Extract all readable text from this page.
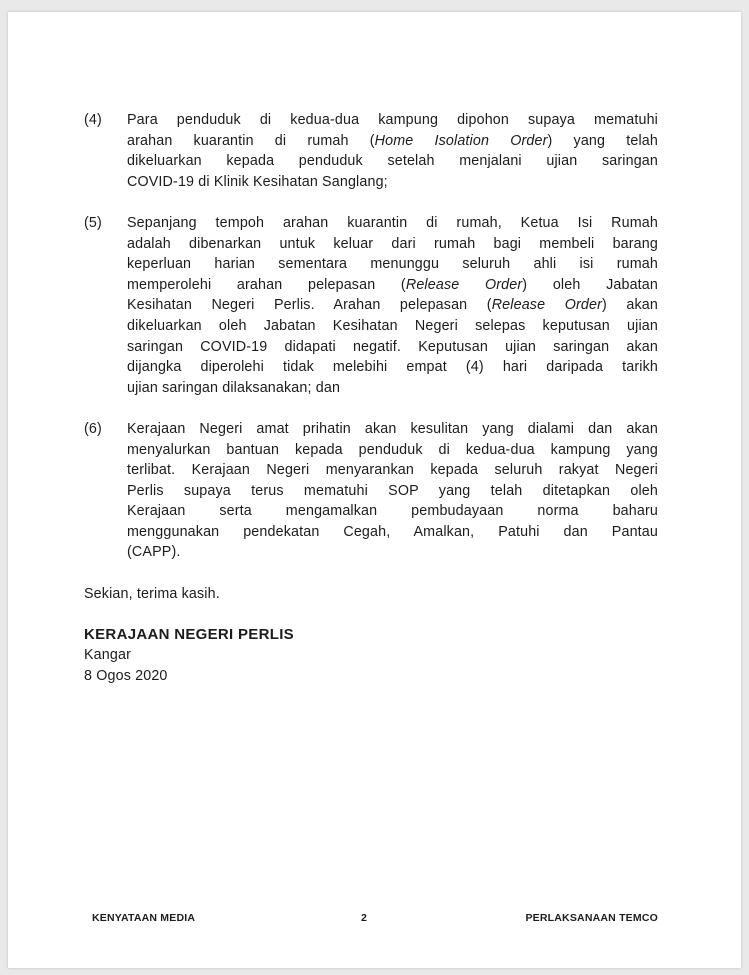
(4) Para penduduk di kedua-dua kampung dipohon supaya mematuhi
arahan kuarantin di rumah (Home Isolation Order) yang telah
dikeluarkan kepada penduduk setelah menjalani ujian saringan
COVID-19 di Klinik Kesihatan Sanglang;
(5) Sepanjang tempoh arahan kuarantin di rumah, Ketua Isi Rumah
adalah dibenarkan untuk keluar dari rumah bagi membeli barang
keperluan harian sementara menunggu seluruh ahli isi rumah
memperolehi arahan pelepasan (Release Order) oleh Jabatan
Kesihatan Negeri Perlis. Arahan pelepasan (Release Order) akan
dikeluarkan oleh Jabatan Kesihatan Negeri selepas keputusan ujian
saringan COVID-19 didapati negatif. Keputusan ujian saringan akan
dijangka diperolehi tidak melebihi empat (4) hari daripada tarikh
ujian saringan dilaksanakan; dan
(6) Kerajaan Negeri amat prihatin akan kesulitan yang dialami dan akan
menyalurkan bantuan kepada penduduk di kedua-dua kampung yang
terlibat. Kerajaan Negeri menyarankan kepada seluruh rakyat Negeri
Perlis supaya terus mematuhi SOP yang telah ditetapkan oleh
Kerajaan serta mengamalkan pembudayaan norma baharu
menggunakan pendekatan Cegah, Amalkan, Patuhi dan Pantau
(CAPP).
Sekian, terima kasih.
KERAJAAN NEGERI PERLIS
Kangar
8 Ogos 2020
KENYATAAN MEDIA	2	PERLAKSANAAN TEMCO
